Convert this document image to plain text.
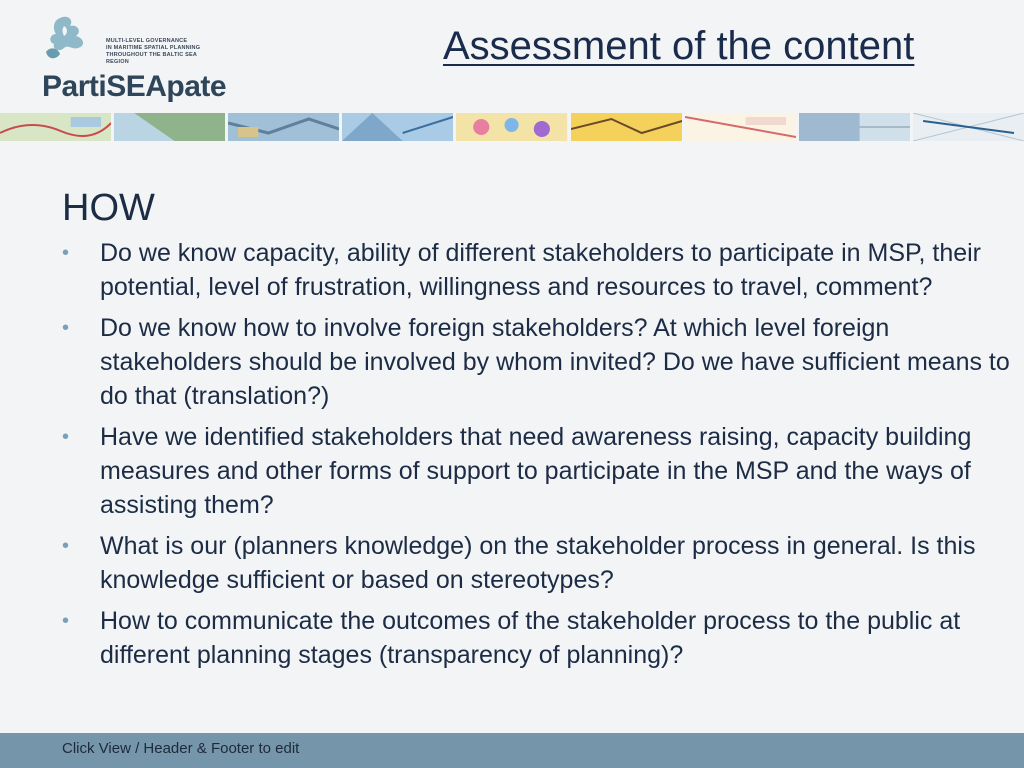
MULTI-LEVEL GOVERNANCE
IN MARITIME SPATIAL PLANNING
THROUGHOUT THE BALTIC SEA REGION
PartiSEApate
Assessment of the content
HOW
• Do we know capacity, ability of different stakeholders to participate in MSP, their potential, level of frustration, willingness and resources to travel, comment?
• Do we know how to involve foreign stakeholders? At which level foreign stakeholders should be involved by whom invited? Do we have sufficient means to do that (translation?)
• Have we identified stakeholders that need awareness raising, capacity building measures and other forms of support to participate in the MSP and the ways of assisting them?
• What is our (planners knowledge) on the stakeholder process in general. Is this knowledge sufficient or based on stereotypes?
• How to communicate the outcomes of the stakeholder process to the public at different planning stages (transparency of planning)?
Click View / Header & Footer to edit
